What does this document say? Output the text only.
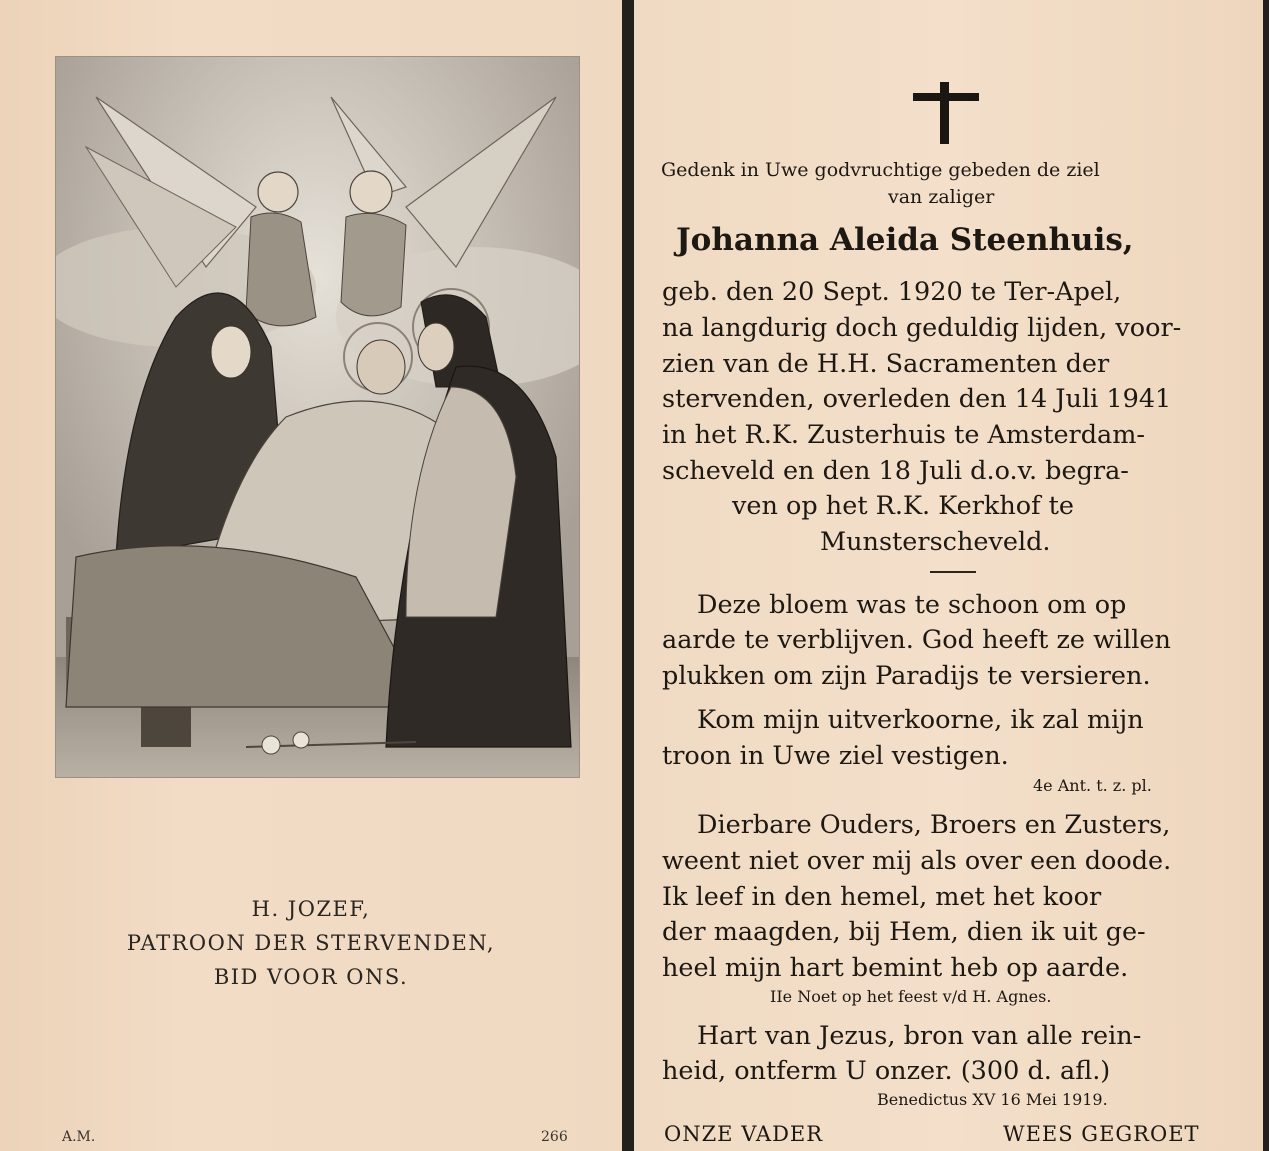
H. JOZEF,
PATROON DER STERVENDEN,
BID VOOR ONS.
A.M.	266
Gedenk in Uwe godvruchtige gebeden de ziel
van zaliger
Johanna Aleida Steenhuis,
geb. den 20 Sept. 1920 te Ter-Apel,
na langdurig doch geduldig lijden, voor-
zien van de H.H. Sacramenten der
stervenden, overleden den 14 Juli 1941
in het R.K. Zusterhuis te Amsterdam-
scheveld en den 18 Juli d.o.v. begra-
ven op het R.K. Kerkhof te
Munsterscheveld.
Deze bloem was te schoon om op
aarde te verblijven. God heeft ze willen
plukken om zijn Paradijs te versieren.
Kom mijn uitverkoorne, ik zal mijn
troon in Uwe ziel vestigen.
4e Ant. t. z. pl.
Dierbare Ouders, Broers en Zusters,
weent niet over mij als over een doode.
Ik leef in den hemel, met het koor
der maagden, bij Hem, dien ik uit ge-
heel mijn hart bemint heb op aarde.
IIe Noet op het feest v/d H. Agnes.
Hart van Jezus, bron van alle rein-
heid, ontferm U onzer. (300 d. afl.)
Benedictus XV 16 Mei 1919.
ONZE VADER	WEES GEGROET
